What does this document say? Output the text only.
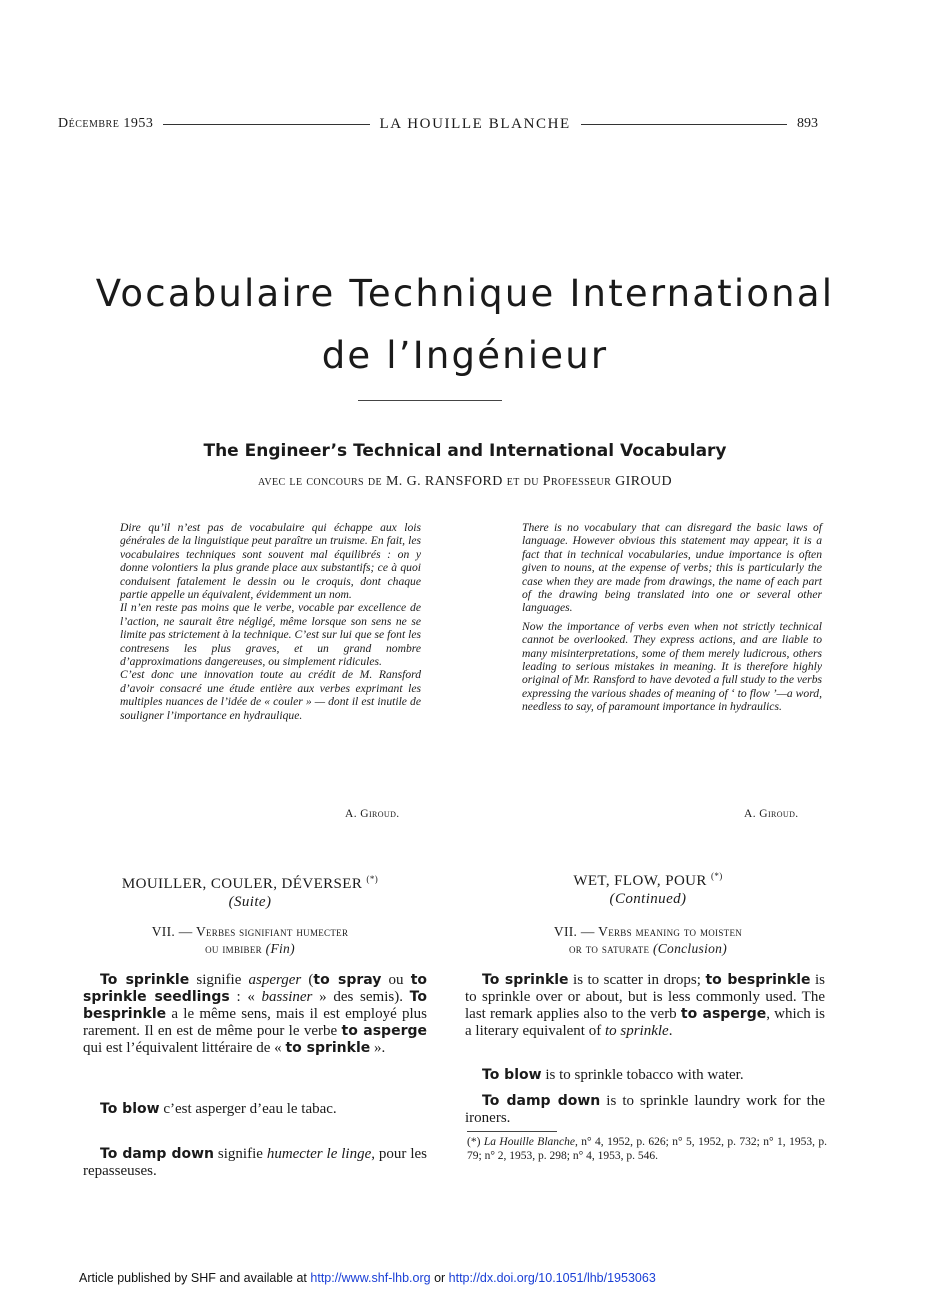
Décembre 1953	LA HOUILLE BLANCHE	893
Vocabulaire Technique International
de l’Ingénieur
The Engineer’s Technical and International Vocabulary
avec le concours de M. G. RANSFORD et du Professeur GIROUD

Dire qu’il n’est pas de vocabulaire qui échappe aux lois générales de la linguistique peut paraître un truisme. En fait, les vocabulaires techniques sont souvent mal équilibrés : on y donne volontiers la plus grande place aux substantifs; ce à quoi conduisent fatalement le dessin ou le croquis, dont chaque partie appelle un équivalent, évidemment un nom.

Il n’en reste pas moins que le verbe, vocable par excellence de l’action, ne saurait être négligé, même lorsque son sens ne se limite pas strictement à la technique. C’est sur lui que se font les contresens les plus graves, et un grand nombre d’approximations dangereuses, ou simplement ridicules.

C’est donc une innovation toute au crédit de M. Ransford d’avoir consacré une étude entière aux verbes exprimant les multiples nuances de l’idée de « couler » — dont il est inutile de souligner l’importance en hydraulique.

A. Giroud.

There is no vocabulary that can disregard the basic laws of language. However obvious this statement may appear, it is a fact that in technical vocabularies, undue importance is often given to nouns, at the expense of verbs; this is particularly the case when they are made from drawings, the name of each part of the drawing being translated into one or several other languages.

Now the importance of verbs even when not strictly technical cannot be overlooked. They express actions, and are liable to many misinterpretations, some of them merely ludicrous, others leading to serious mistakes in meaning. It is therefore highly original of Mr. Ransford to have devoted a full study to the verbs expressing the various shades of meaning of ‘ to flow ’—a word, needless to say, of paramount importance in hydraulics.

A. Giroud.
MOUILLER, COULER, DÉVERSER (*)
(Suite)
VII. — Verbes signifiant humecter
ou imbiber (Fin)
WET, FLOW, POUR (*)
(Continued)
VII. — Verbs meaning to moisten
or to saturate (Conclusion)
To sprinkle signifie asperger (to spray ou to sprinkle seedlings : « bassiner » des semis). To besprinkle a le même sens, mais il est employé plus rarement. Il en est de même pour le verbe to asperge qui est l’équivalent littéraire de « to sprinkle ».
To blow c’est asperger d’eau le tabac.
To damp down signifie humecter le linge, pour les repasseuses.
To sprinkle is to scatter in drops; to besprinkle is to sprinkle over or about, but is less commonly used. The last remark applies also to the verb to asperge, which is a literary equivalent of to sprinkle.
To blow is to sprinkle tobacco with water.
To damp down is to sprinkle laundry work for the ironers.
(*) La Houille Blanche, n° 4, 1952, p. 626; n° 5, 1952, p. 732; n° 1, 1953, p. 79; n° 2, 1953, p. 298; n° 4, 1953, p. 546.
Article published by SHF and available at http://www.shf-lhb.org or http://dx.doi.org/10.1051/lhb/1953063
